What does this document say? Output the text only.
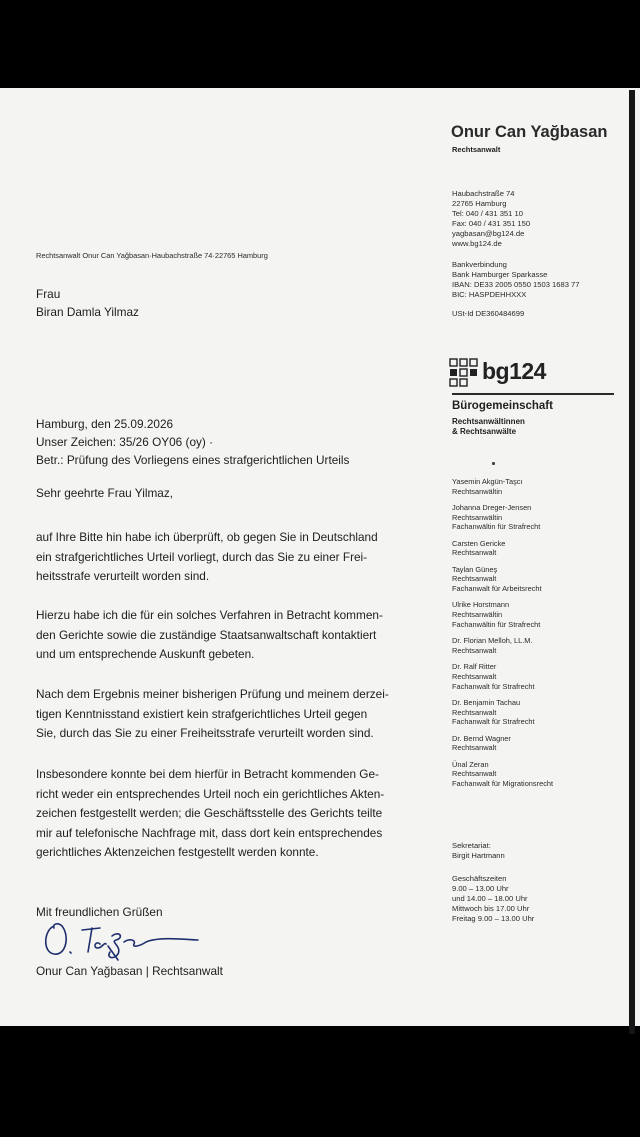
Onur Can Yağbasan
Rechtsanwalt
Haubachstraße 74
22765 Hamburg
Tel: 040 / 431 351 10
Fax: 040 / 431 351 150
yagbasan@bg124.de
www.bg124.de
Bankverbindung
Bank Hamburger Sparkasse
IBAN: DE33 2005 0550 1503 1683 77
BIC: HASPDEHHXXX
USt-Id DE360484699
bg124
Bürogemeinschaft
Rechtsanwältinnen
& Rechtsanwälte
Yasemin Akgün-Taşcı
Rechtsanwältin
Johanna Dreger-Jensen
Rechtsanwältin
Fachanwältin für Strafrecht
Carsten Gericke
Rechtsanwalt
Taylan Güneş
Rechtsanwalt
Fachanwalt für Arbeitsrecht
Ulrike Horstmann
Rechtsanwältin
Fachanwältin für Strafrecht
Dr. Florian Melloh, LL.M.
Rechtsanwalt
Dr. Ralf Ritter
Rechtsanwalt
Fachanwalt für Strafrecht
Dr. Benjamin Tachau
Rechtsanwalt
Fachanwalt für Strafrecht
Dr. Bernd Wagner
Rechtsanwalt
Ünal Zeran
Rechtsanwalt
Fachanwalt für Migrationsrecht
Sekretariat:
Birgit Hartmann
Geschäftszeiten
9.00 – 13.00 Uhr
und 14.00 – 18.00 Uhr
Mittwoch bis 17.00 Uhr
Freitag 9.00 – 13.00 Uhr
Rechtsanwalt Onur Can Yağbasan·Haubachstraße 74·22765 Hamburg
Frau
Biran Damla Yilmaz
Hamburg, den 25.09.2026
Unser Zeichen: 35/26 OY06 (oy) ·
Betr.: Prüfung des Vorliegens eines strafgerichtlichen Urteils
Sehr geehrte Frau Yilmaz,
auf Ihre Bitte hin habe ich überprüft, ob gegen Sie in Deutschland
ein strafgerichtliches Urteil vorliegt, durch das Sie zu einer Frei-
heitsstrafe verurteilt worden sind.
Hierzu habe ich die für ein solches Verfahren in Betracht kommen-
den Gerichte sowie die zuständige Staatsanwaltschaft kontaktiert
und um entsprechende Auskunft gebeten.
Nach dem Ergebnis meiner bisherigen Prüfung und meinem derzei-
tigen Kenntnisstand existiert kein strafgerichtliches Urteil gegen
Sie, durch das Sie zu einer Freiheitsstrafe verurteilt worden sind.
Insbesondere konnte bei dem hierfür in Betracht kommenden Ge-
richt weder ein entsprechendes Urteil noch ein gerichtliches Akten-
zeichen festgestellt werden; die Geschäftsstelle des Gerichts teilte
mir auf telefonische Nachfrage mit, dass dort kein entsprechendes
gerichtliches Aktenzeichen festgestellt werden konnte.
Mit freundlichen Grüßen
Onur Can Yağbasan | Rechtsanwalt
